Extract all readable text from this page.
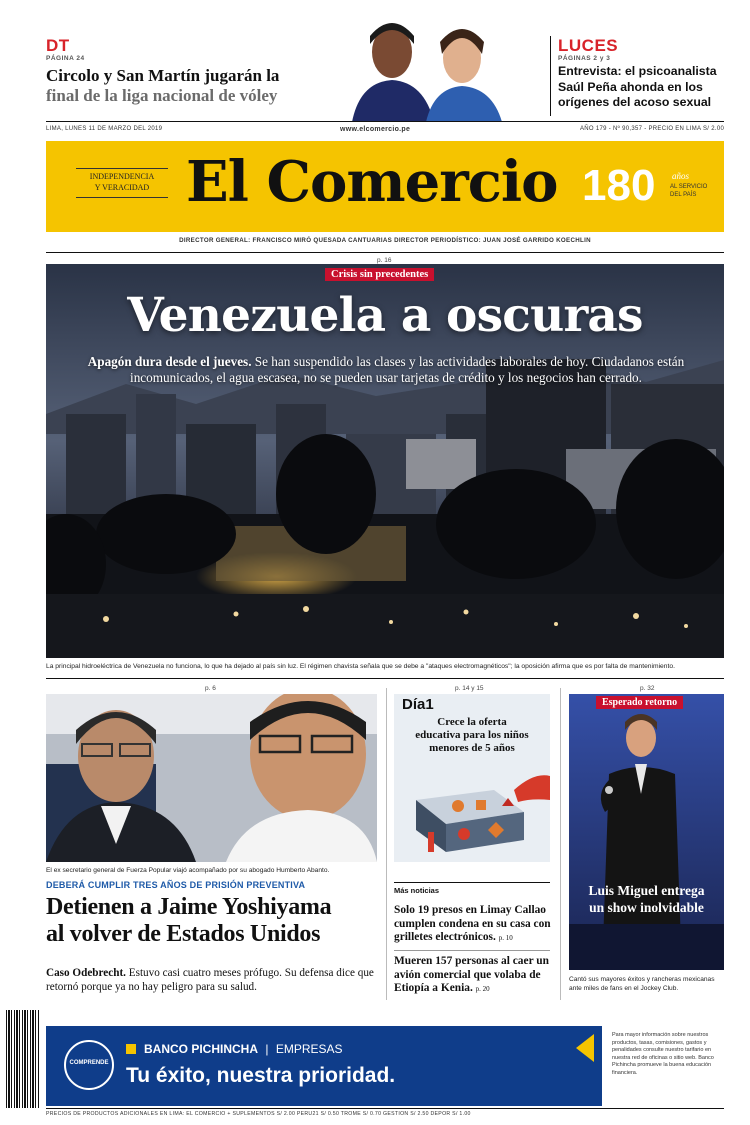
DT
PÁGINA 24
Circolo y San Martín jugarán la
final de la liga nacional de vóley
LUCES
PÁGINAS 2 y 3
Entrevista: el psicoanalista Saúl Peña ahonda en los orígenes del acoso sexual
LIMA, LUNES 11 DE MARZO DEL 2019	www.elcomercio.pe	AÑO 179 - Nº 90,357 - PRECIO EN LIMA S/ 2.00
INDEPENDENCIA
Y VERACIDAD El Comercio 180 años
AL SERVICIO
DEL PAÍS
DIRECTOR GENERAL: FRANCISCO MIRÓ QUESADA CANTUARIAS DIRECTOR PERIODÍSTICO: JUAN JOSÉ GARRIDO KOECHLIN
p. 16
Crisis sin precedentes
Venezuela a oscuras
Apagón dura desde el jueves. Se han suspendido las clases y las actividades laborales de hoy. Ciudadanos están incomunicados, el agua escasea, no se pueden usar tarjetas de crédito y los negocios han cerrado.
La principal hidroeléctrica de Venezuela no funciona, lo que ha dejado al país sin luz. El régimen chavista señala que se debe a "ataques electromagnéticos"; la oposición afirma que es por falta de mantenimiento.
p. 6
El ex secretario general de Fuerza Popular viajó acompañado por su abogado Humberto Abanto.
DEBERÁ CUMPLIR TRES AÑOS DE PRISIÓN PREVENTIVA
Detienen a Jaime Yoshiyama
al volver de Estados Unidos
Caso Odebrecht. Estuvo casi cuatro meses prófugo. Su defensa dice que retornó porque ya no hay peligro para su salud.
p. 14 y 15
Día1
Crece la oferta
educativa para los niños
menores de 5 años
Más noticias
Solo 19 presos en Limay Callao cumplen condena en su casa con grilletes electrónicos. p. 10
Mueren 157 personas al caer un avión comercial que volaba de Etiopía a Kenia. p. 20
p. 32
Esperado retorno
Luis Miguel entrega
un show inolvidable
Cantó sus mayores éxitos y rancheras mexicanas ante miles de fans en el Jockey Club.
COMPRENDE
BANCO PICHINCHA | EMPRESAS
Tu éxito, nuestra prioridad.
Para mayor información sobre nuestros productos, tasas, comisiones, gastos y penalidades consulte nuestro tarifario en nuestra red de oficinas o sitio web. Banco Pichincha promueve la buena educación financiera.
PRECIOS DE PRODUCTOS ADICIONALES EN LIMA: EL COMERCIO + SUPLEMENTOS S/ 2.00 PERÚ21 S/ 0.50 TROME S/ 0.70 GESTIÓN S/ 2.50 DEPOR S/ 1.00
